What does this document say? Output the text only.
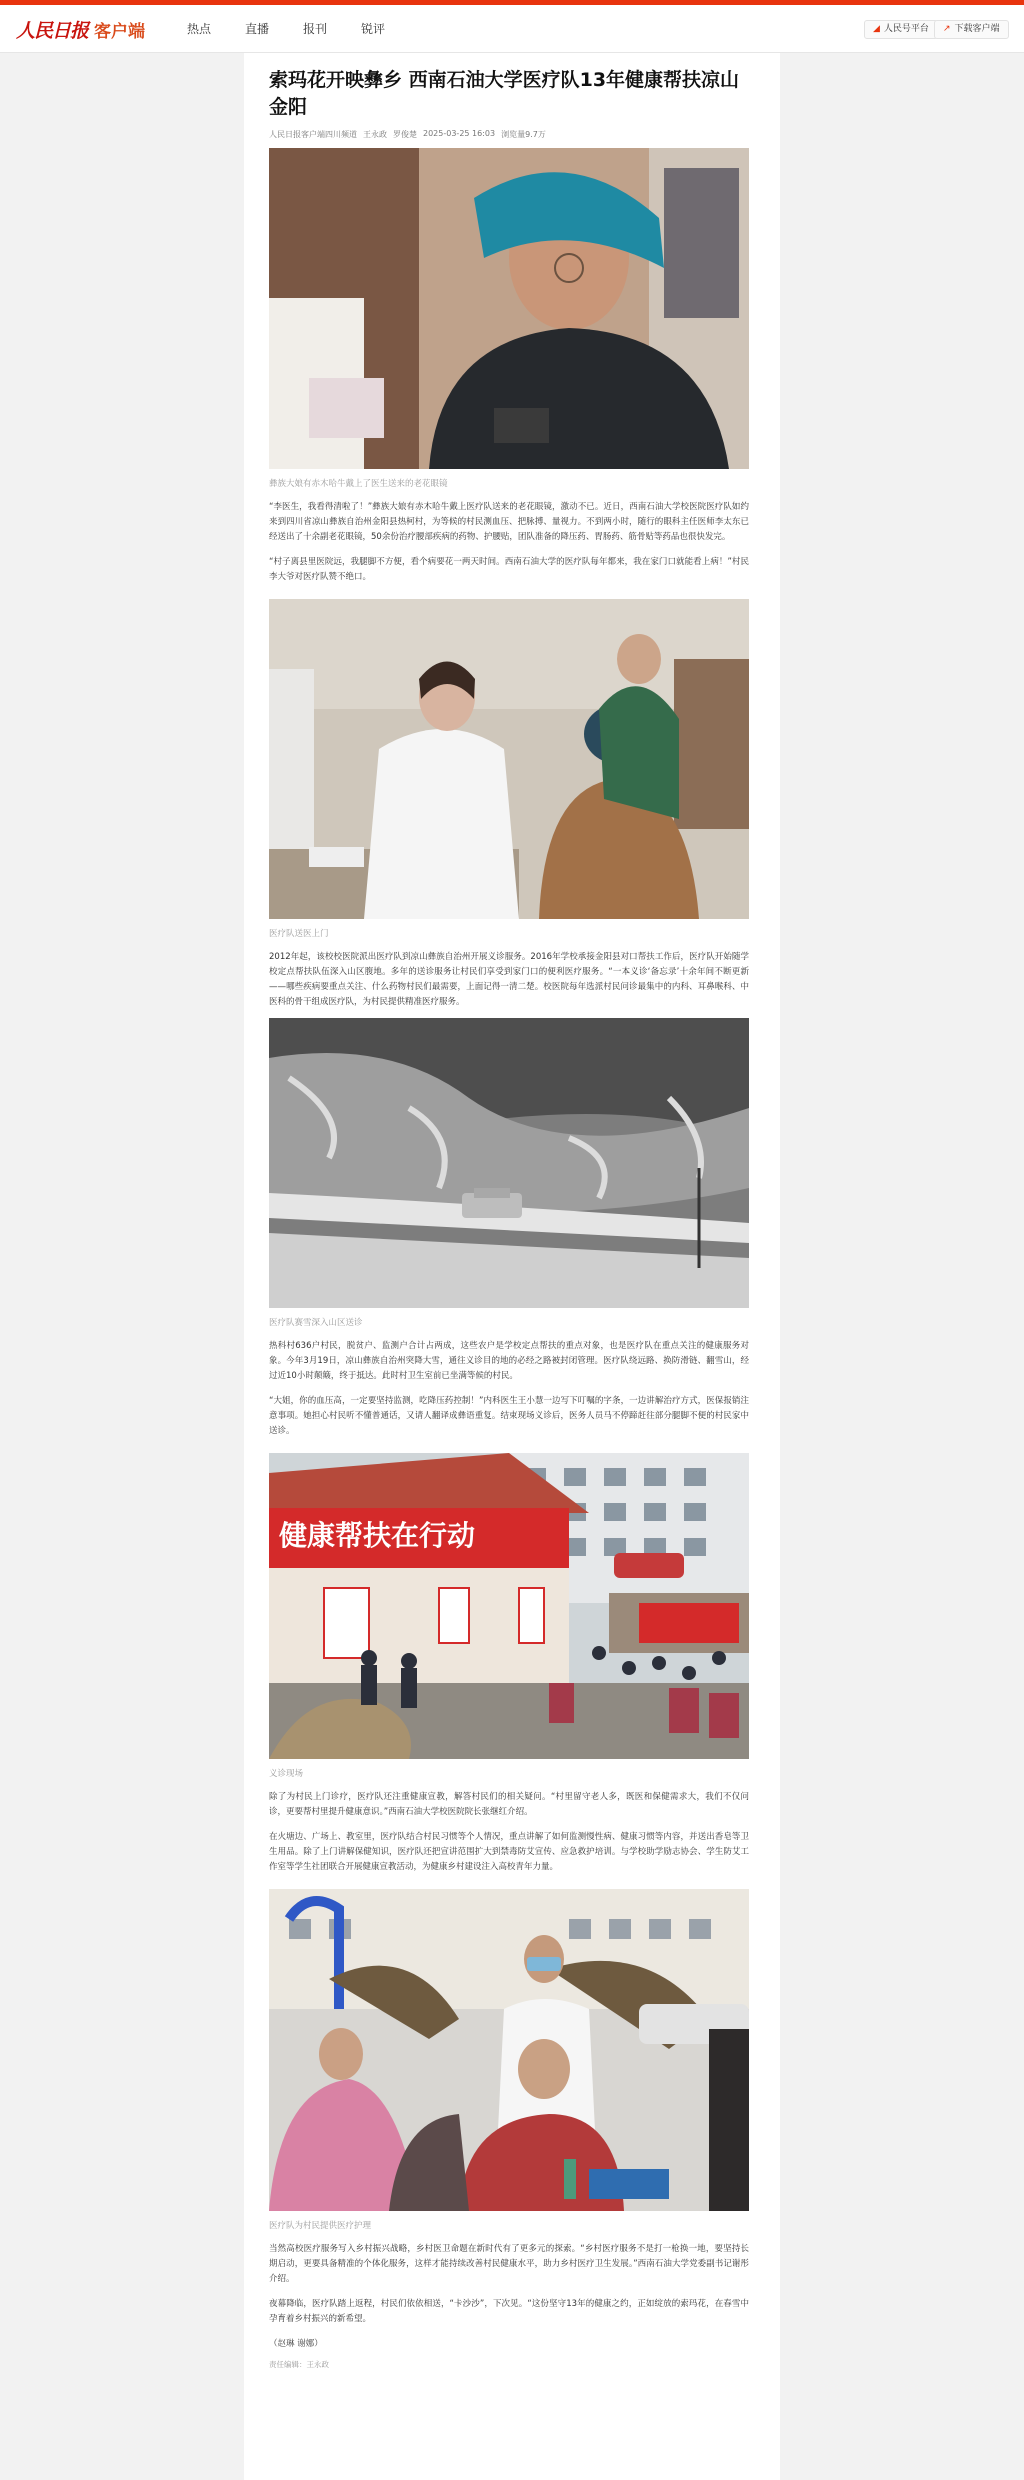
人民日报 客户端	热点	直播	报刊	锐评	◢ 人民号平台 ↗ 下载客户端
索玛花开映彝乡 西南石油大学医疗队13年健康帮扶凉山金阳
人民日报客户端四川频道 王永政 罗俊楚 2025-03-25 16:03 浏览量9.7万
彝族大娘有赤木哈牛戴上了医生送来的老花眼镜

“李医生，我看得清啦了！”彝族大娘有赤木哈牛戴上医疗队送来的老花眼镜，激动不已。近日，西南石油大学校医院医疗队如约来到四川省凉山彝族自治州金阳县热柯村，为等候的村民测血压、把脉搏、量视力。不到两小时，随行的眼科主任医师李太东已经送出了十余副老花眼镜，50余份治疗腰部疾病的药物、护腰贴，团队准备的降压药、胃肠药、筋骨贴等药品也很快发完。

“村子离县里医院远，我腿脚不方便，看个病要花一两天时间。西南石油大学的医疗队每年都来，我在家门口就能看上病！”村民李大爷对医疗队赞不绝口。

医疗队送医上门

2012年起，该校校医院派出医疗队到凉山彝族自治州开展义诊服务。2016年学校承接金阳县对口帮扶工作后，医疗队开始随学校定点帮扶队伍深入山区腹地。多年的送诊服务让村民们享受到家门口的便利医疗服务。“一本义诊‘备忘录’十余年间不断更新——哪些疾病要重点关注、什么药物村民们最需要，上面记得一清二楚。校医院每年选派村民问诊最集中的内科、耳鼻喉科、中医科的骨干组成医疗队，为村民提供精准医疗服务。

医疗队赛雪深入山区送诊

热科村636户村民，脱贫户、监测户合计占两成，这些农户是学校定点帮扶的重点对象，也是医疗队在重点关注的健康服务对象。今年3月19日，凉山彝族自治州突降大雪，通往义诊目的地的必经之路被封闭管理。医疗队绕远路、换防滑链、翻雪山，经过近10小时颠簸，终于抵达。此时村卫生室前已坐满等候的村民。

“大姐，你的血压高，一定要坚持监测，吃降压药控制！”内科医生王小慧一边写下叮嘱的字条，一边讲解治疗方式，医保报销注意事项。她担心村民听不懂普通话，又请人翻译成彝语重复。结束现场义诊后，医务人员马不停蹄赶往部分腿脚不便的村民家中送诊。

健康帮扶在行动
义诊现场

除了为村民上门诊疗，医疗队还注重健康宣教，解答村民们的相关疑问。“村里留守老人多，既医和保健需求大，我们不仅问诊，更要帮村里提升健康意识。”西南石油大学校医院院长张继红介绍。

在火塘边、广场上、教室里，医疗队结合村民习惯等个人情况，重点讲解了如何监测慢性病、健康习惯等内容，并送出香皂等卫生用品。除了上门讲解保健知识，医疗队还把宣讲范围扩大到禁毒防艾宣传、应急救护培训。与学校助学励志协会、学生防艾工作室等学生社团联合开展健康宣教活动，为健康乡村建设注入高校青年力量。

医疗队为村民提供医疗护理

当然高校医疗服务写入乡村振兴战略，乡村医卫命题在新时代有了更多元的探索。“乡村医疗服务不是打一枪换一地，要坚持长期启动，更要具备精准的个体化服务，这样才能持续改善村民健康水平，助力乡村医疗卫生发展。”西南石油大学党委副书记谢彤介绍。

夜幕降临，医疗队踏上返程，村民们依依相送，“卡沙沙”，下次见。“这份坚守13年的健康之约，正如绽放的索玛花，在春雪中孕育着乡村振兴的新希望。

（赵琳 谢娜）
责任编辑：王永政
